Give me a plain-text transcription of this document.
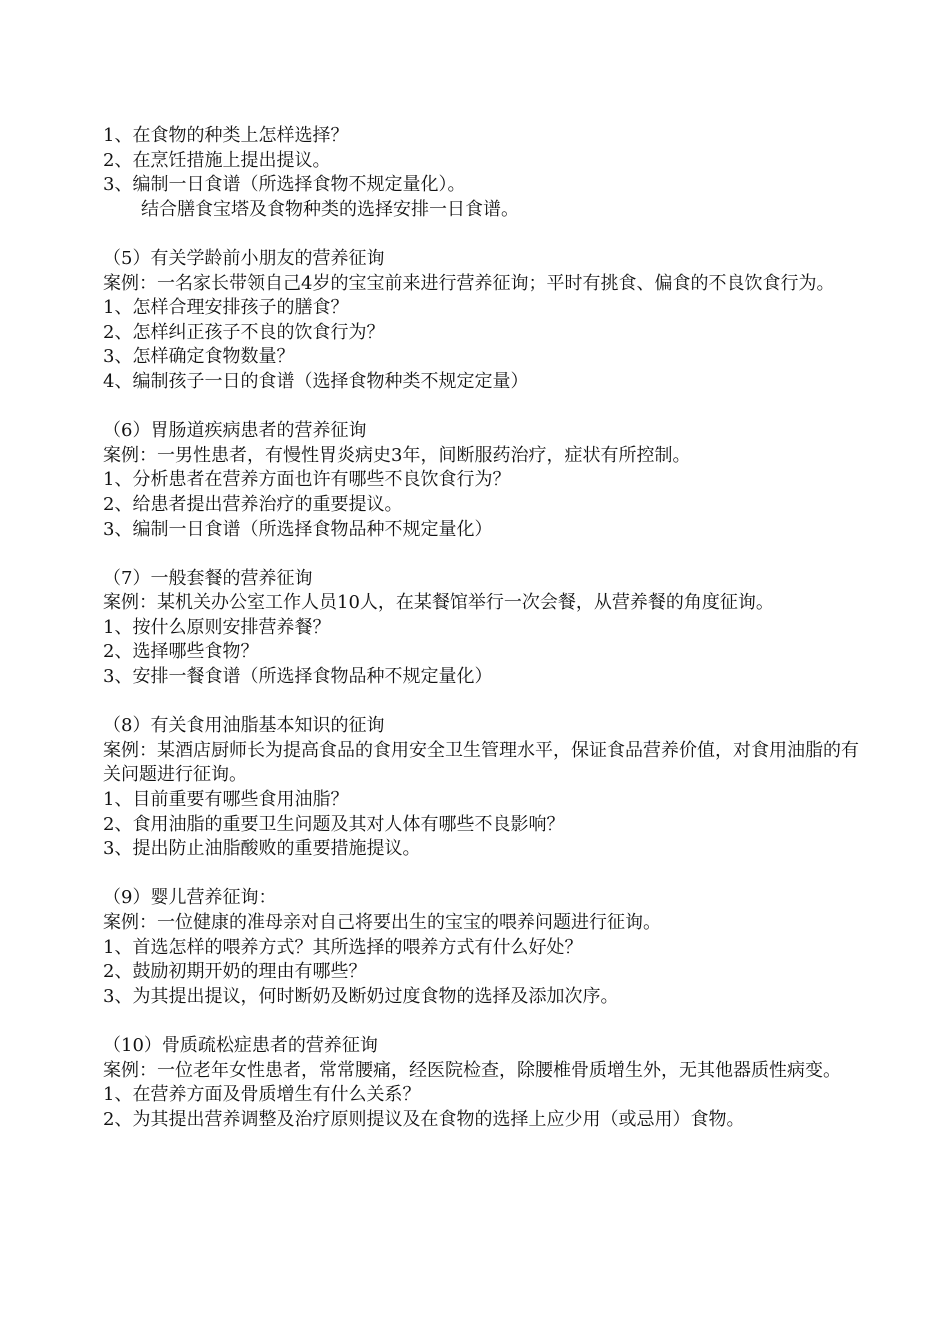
1、在食物的种类上怎样选择？
2、在烹饪措施上提出提议。
3、编制一日食谱（所选择食物不规定量化）。
结合膳食宝塔及食物种类的选择安排一日食谱。
（5）有关学龄前小朋友的营养征询
案例：一名家长带领自己4岁的宝宝前来进行营养征询；平时有挑食、偏食的不良饮食行为。
1、怎样合理安排孩子的膳食？
2、怎样纠正孩子不良的饮食行为？
3、怎样确定食物数量？
4、编制孩子一日的食谱（选择食物种类不规定定量）
（6）胃肠道疾病患者的营养征询
案例：一男性患者，有慢性胃炎病史3年，间断服药治疗，症状有所控制。
1、分析患者在营养方面也许有哪些不良饮食行为？
2、给患者提出营养治疗的重要提议。
3、编制一日食谱（所选择食物品种不规定量化）
（7）一般套餐的营养征询
案例：某机关办公室工作人员10人，在某餐馆举行一次会餐，从营养餐的角度征询。
1、按什么原则安排营养餐？
2、选择哪些食物？
3、安排一餐食谱（所选择食物品种不规定量化）
（8）有关食用油脂基本知识的征询
案例：某酒店厨师长为提高食品的食用安全卫生管理水平，保证食品营养价值，对食用油脂的有关问题进行征询。
1、目前重要有哪些食用油脂？
2、食用油脂的重要卫生问题及其对人体有哪些不良影响？
3、提出防止油脂酸败的重要措施提议。
（9）婴儿营养征询：
案例：一位健康的准母亲对自己将要出生的宝宝的喂养问题进行征询。
1、首选怎样的喂养方式？其所选择的喂养方式有什么好处？
2、鼓励初期开奶的理由有哪些？
3、为其提出提议，何时断奶及断奶过度食物的选择及添加次序。
（10）骨质疏松症患者的营养征询
案例：一位老年女性患者，常常腰痛，经医院检查，除腰椎骨质增生外，无其他器质性病变。
1、在营养方面及骨质增生有什么关系？
2、为其提出营养调整及治疗原则提议及在食物的选择上应少用（或忌用）食物。
